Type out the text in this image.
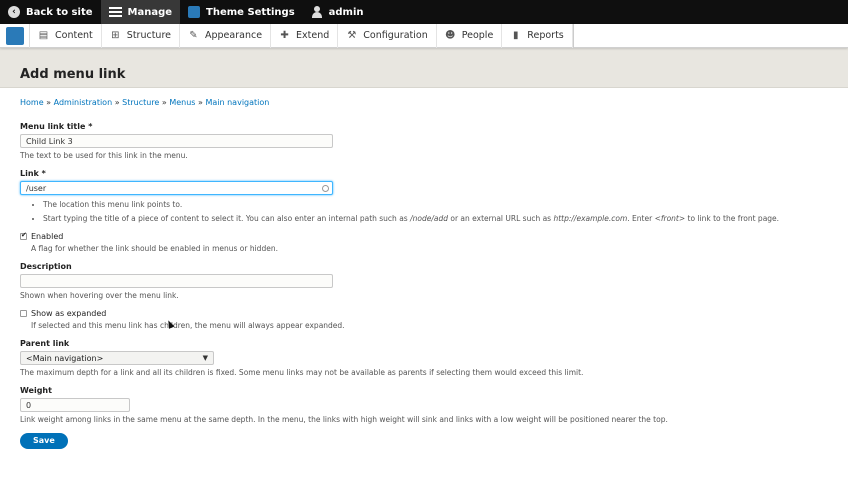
‹	Back to site	Manage	Theme Settings	admin
▤ Content ⊞ Structure ✎ Appearance ✚ Extend ⚒ Configuration ☻ People ▮ Reports
Add menu link
Home » Administration » Structure » Menus » Main navigation
Menu link title *
Child Link 3
The text to be used for this link in the menu.
Link *
/user
• The location this menu link points to.
• Start typing the title of a piece of content to select it. You can also enter an internal path such as /node/add or an external URL such as http://example.com. Enter <front> to link to the front page.
✔
Enabled
A flag for whether the link should be enabled in menus or hidden.
Description
Shown when hovering over the menu link.
Show as expanded
If selected and this menu link has children, the menu will always appear expanded.
Parent link
<Main navigation>	▼
The maximum depth for a link and all its children is fixed. Some menu links may not be available as parents if selecting them would exceed this limit.
Weight
0
Link weight among links in the same menu at the same depth. In the menu, the links with high weight will sink and links with a low weight will be positioned nearer the top.
Save
